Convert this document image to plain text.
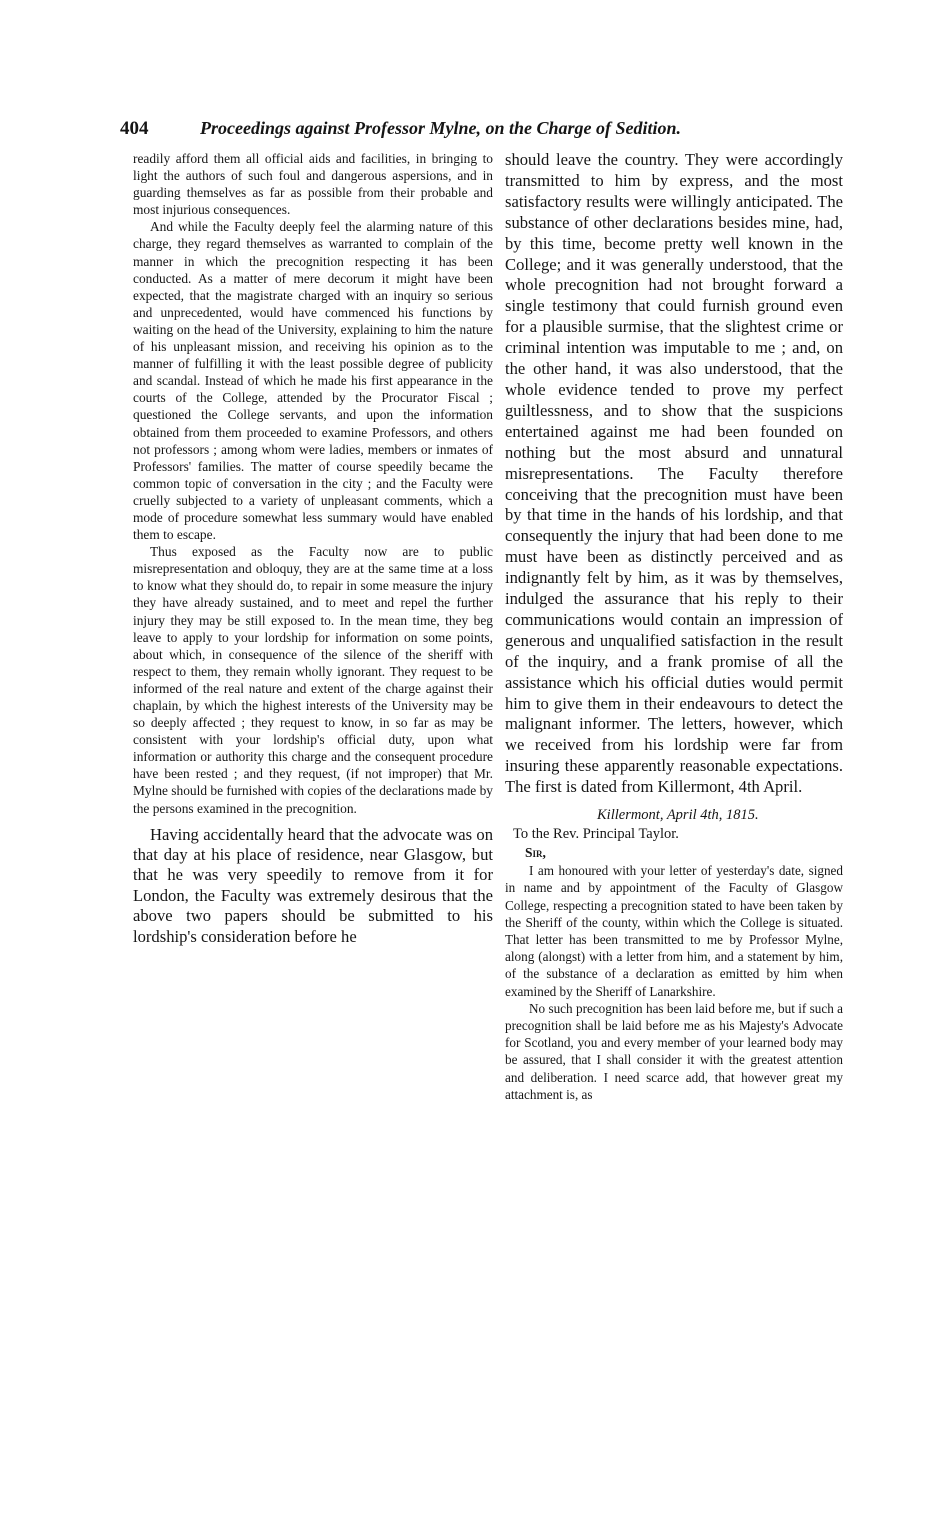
404	Proceedings against Professor Mylne, on the Charge of Sedition.

readily afford them all official aids and facilities, in bringing to light the authors of such foul and dangerous aspersions, and in guarding themselves as far as possible from their probable and most injurious consequences.

And while the Faculty deeply feel the alarming nature of this charge, they regard themselves as warranted to complain of the manner in which the precognition respecting it has been conducted. As a matter of mere decorum it might have been expected, that the magistrate charged with an inquiry so serious and unprecedented, would have commenced his functions by waiting on the head of the University, explaining to him the nature of his unpleasant mission, and receiving his opinion as to the manner of fulfilling it with the least possible degree of publicity and scandal. Instead of which he made his first appearance in the courts of the College, attended by the Procurator Fiscal ; questioned the College servants, and upon the information obtained from them proceeded to examine Professors, and others not professors ; among whom were ladies, members or inmates of Professors' families. The matter of course speedily became the common topic of conversation in the city ; and the Faculty were cruelly subjected to a variety of unpleasant comments, which a mode of procedure somewhat less summary would have enabled them to escape.

Thus exposed as the Faculty now are to public misrepresentation and obloquy, they are at the same time at a loss to know what they should do, to repair in some measure the injury they have already sustained, and to meet and repel the further injury they may be still exposed to. In the mean time, they beg leave to apply to your lordship for information on some points, about which, in consequence of the silence of the sheriff with respect to them, they remain wholly ignorant. They request to be informed of the real nature and extent of the charge against their chaplain, by which the highest interests of the University may be so deeply affected ; they request to know, in so far as may be consistent with your lordship's official duty, upon what information or authority this charge and the consequent procedure have been rested ; and they request, (if not improper) that Mr. Mylne should be furnished with copies of the declarations made by the persons examined in the precognition.

Having accidentally heard that the advocate was on that day at his place of residence, near Glasgow, but that he was very speedily to remove from it for London, the Faculty was extremely desirous that the above two papers should be submitted to his lordship's consideration before he

should leave the country. They were accordingly transmitted to him by express, and the most satisfactory results were willingly anticipated. The substance of other declarations besides mine, had, by this time, become pretty well known in the College; and it was generally understood, that the whole precognition had not brought forward a single testimony that could furnish ground even for a plausible surmise, that the slightest crime or criminal intention was imputable to me ; and, on the other hand, it was also understood, that the whole evidence tended to prove my perfect guiltlessness, and to show that the suspicions entertained against me had been founded on nothing but the most absurd and unnatural misrepresentations. The Faculty therefore conceiving that the precognition must have been by that time in the hands of his lordship, and that consequently the injury that had been done to me must have been as distinctly perceived and as indignantly felt by him, as it was by themselves, indulged the assurance that his reply to their communications would contain an impression of generous and unqualified satisfaction in the result of the inquiry, and a frank promise of all the assistance which his official duties would permit him to give them in their endeavours to detect the malignant informer. The letters, however, which we received from his lordship were far from insuring these apparently reasonable expectations. The first is dated from Killermont, 4th April.

Killermont, April 4th, 1815.
To the Rev. Principal Taylor.
Sir,

I am honoured with your letter of yesterday's date, signed in name and by appointment of the Faculty of Glasgow College, respecting a precognition stated to have been taken by the Sheriff of the county, within which the College is situated. That letter has been transmitted to me by Professor Mylne, along (alongst) with a letter from him, and a statement by him, of the substance of a declaration as emitted by him when examined by the Sheriff of Lanarkshire.

No such precognition has been laid before me, but if such a precognition shall be laid before me as his Majesty's Advocate for Scotland, you and every member of your learned body may be assured, that I shall consider it with the greatest attention and deliberation. I need scarce add, that however great my attachment is, as
